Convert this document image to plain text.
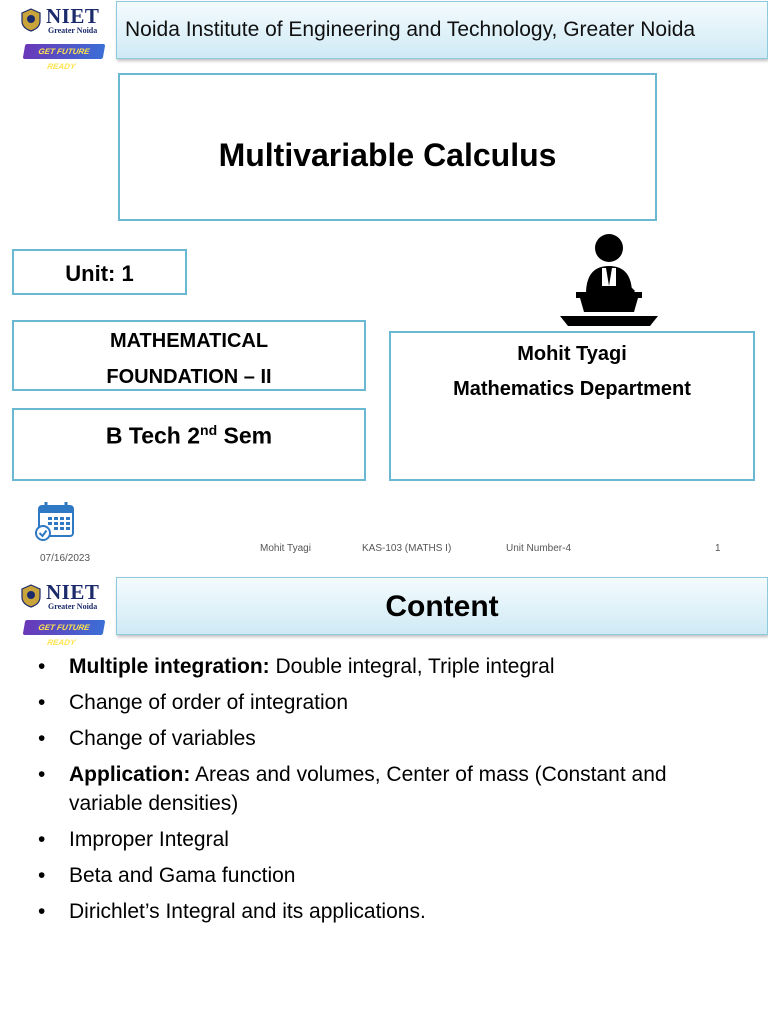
NIET
Greater Noida
GET FUTURE READY
Noida Institute of Engineering and Technology, Greater Noida
Multivariable Calculus
Unit: 1
MATHEMATICAL
FOUNDATION – II
Mohit Tyagi
Mathematics Department
B Tech 2nd Sem
07/16/2023
Mohit Tyagi	KAS-103 (MATHS I)	Unit Number-4	1
NIET
Greater Noida
GET FUTURE READY
Content
• Multiple integration: Double integral, Triple integral
• Change of order of integration
• Change of variables
• Application: Areas and volumes, Center of mass (Constant and variable densities)
• Improper Integral
• Beta and Gama function
• Dirichlet’s Integral and its applications.
